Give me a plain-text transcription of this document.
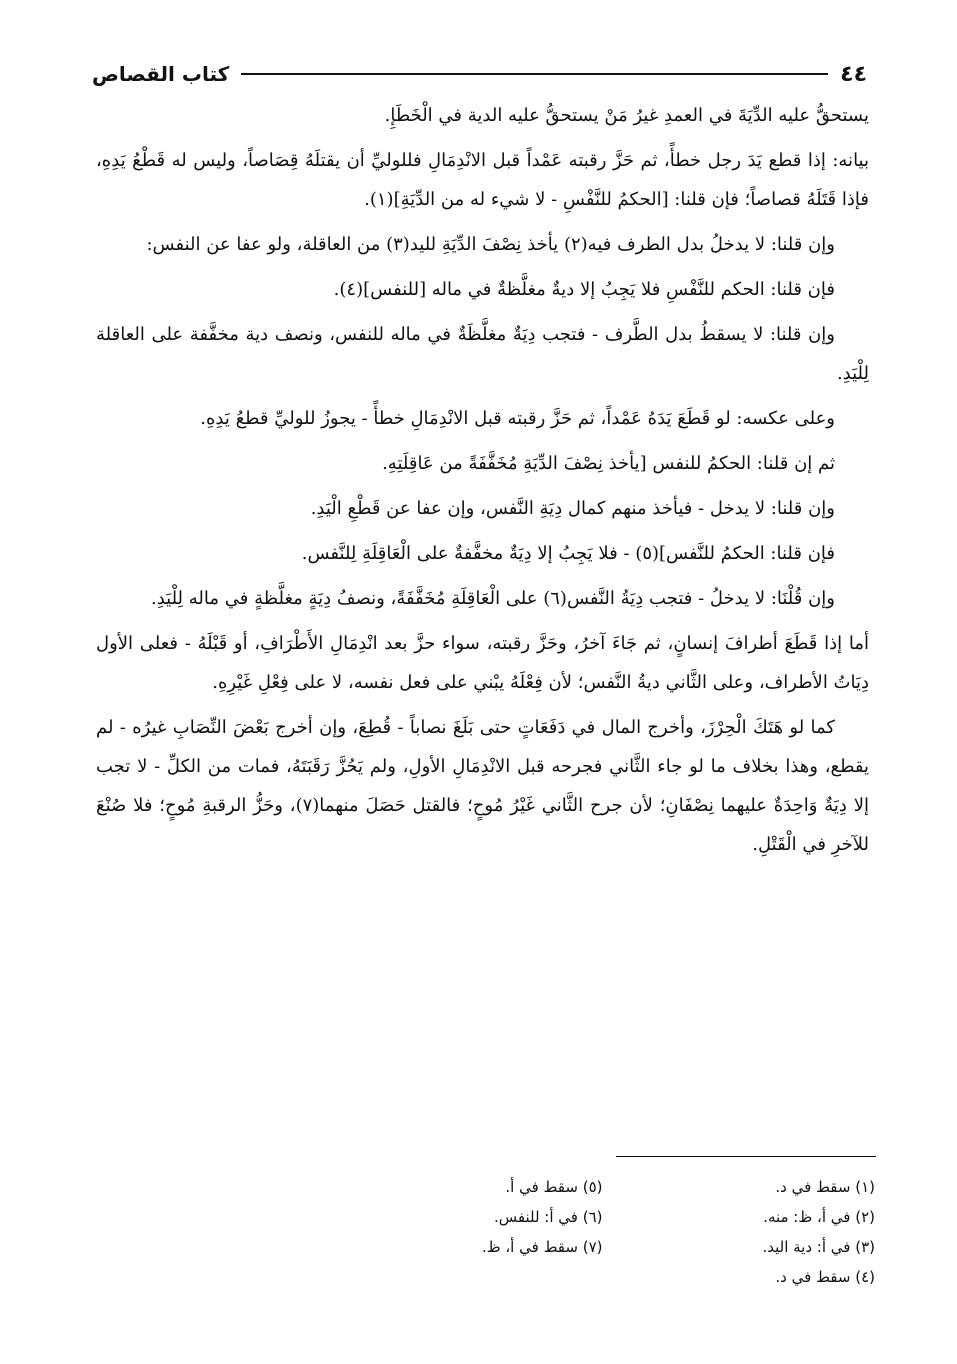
٤٤
كتاب القصاص

يستحقُّ عليه الدِّيَةَ في العمدِ غيرُ مَنْ يستحقُّ عليه الدية في الْخَطَإِ.

بيانه: إذا قطع يَدَ رجل خطأً، ثم حَزَّ رقبته عَمْداً قبل الانْدِمَالِ فللوليِّ أن يقتلَهُ قِصَاصاً، وليس له قَطْعُ يَدِهِ، فإذا قَتَلَهُ قصاصاً؛ فإن قلنا: [الحكمُ للنَّفْسِ - لا شيء له من الدِّيَةِ](١).

وإن قلنا: لا يدخلُ بدل الطرف فيه(٢) يأخذ نِصْفَ الدِّيَةِ لليد(٣) من العاقلة، ولو عفا عن النفس:

فإن قلنا: الحكم للنَّفْسِ فلا يَجِبُ إلا ديةٌ مغلَّظةٌ في ماله [للنفس](٤).

وإن قلنا: لا يسقطُ بدل الطَّرف - فتجب دِيَةٌ مغلَّظَةٌ في ماله للنفس، ونصف دية مخفَّفة على العاقلة لِلْيَدِ.

وعلى عكسه: لو قَطَعَ يَدَهُ عَمْداً، ثم حَزَّ رقبته قبل الانْدِمَالِ خطأً - يجوزُ للوليِّ قطعُ يَدِهِ.

ثم إن قلنا: الحكمُ للنفس [يأخذ نِصْفَ الدِّيَةِ مُخَفَّفَةً من عَاقِلَتِهِ.

وإن قلنا: لا يدخل - فيأخذ منهم كمال دِيَةِ النَّفس، وإن عفا عن قَطْعِ الْيَدِ.

فإن قلنا: الحكمُ للنَّفس](٥) - فلا يَجِبُ إلا دِيَةٌ مخفَّفةٌ على الْعَاقِلَةِ لِلنَّفس.

وإن قُلْنَا: لا يدخلُ - فتجب دِيَةُ النَّفس(٦) على الْعَاقِلَةِ مُخَفَّفَةً، ونصفُ دِيَةٍ مغلَّظةٍ في ماله لِلْيَدِ.

أما إذا قَطَعَ أطرافَ إنسانٍ، ثم جَاءَ آخرُ، وحَزَّ رقبته، سواء حزَّ بعد انْدِمَالِ الأَطْرَافِ، أو قَبْلَهُ - فعلى الأول دِيَاتُ الأطراف، وعلى الثَّاني ديةُ النَّفس؛ لأن فِعْلَهُ يبْني على فعل نفسه، لا على فِعْلِ غَيْرِهِ.

كما لو هَتَكَ الْحِرْزَ، وأخرج المال في دَفَعَاتٍ حتى بَلَغَ نصاباً - قُطِعَ، وإن أخرج بَعْضَ النِّصَابِ غيرُه - لم يقطع، وهذا بخلاف ما لو جاء الثَّاني فجرحه قبل الانْدِمَالِ الأولِ، ولم يَحُزَّ رَقَبَتَهُ، فمات من الكلِّ - لا تجب إلا دِيَةٌ وَاحِدَةٌ عليهما نِصْفَانِ؛ لأن جرح الثَّاني غَيْرُ مُوحٍ؛ فالقتل حَصَلَ منهما(٧)، وحَزُّ الرقبةِ مُوحٍ؛ فلا صُنْعَ للآخرِ في الْقَتْلِ.

(١) سقط في د.
(٢) في أ، ظ: منه.
(٣) في أ: دية اليد.
(٤) سقط في د.
(٥) سقط في أ.
(٦) في أ: للنفس.
(٧) سقط في أ، ظ.
